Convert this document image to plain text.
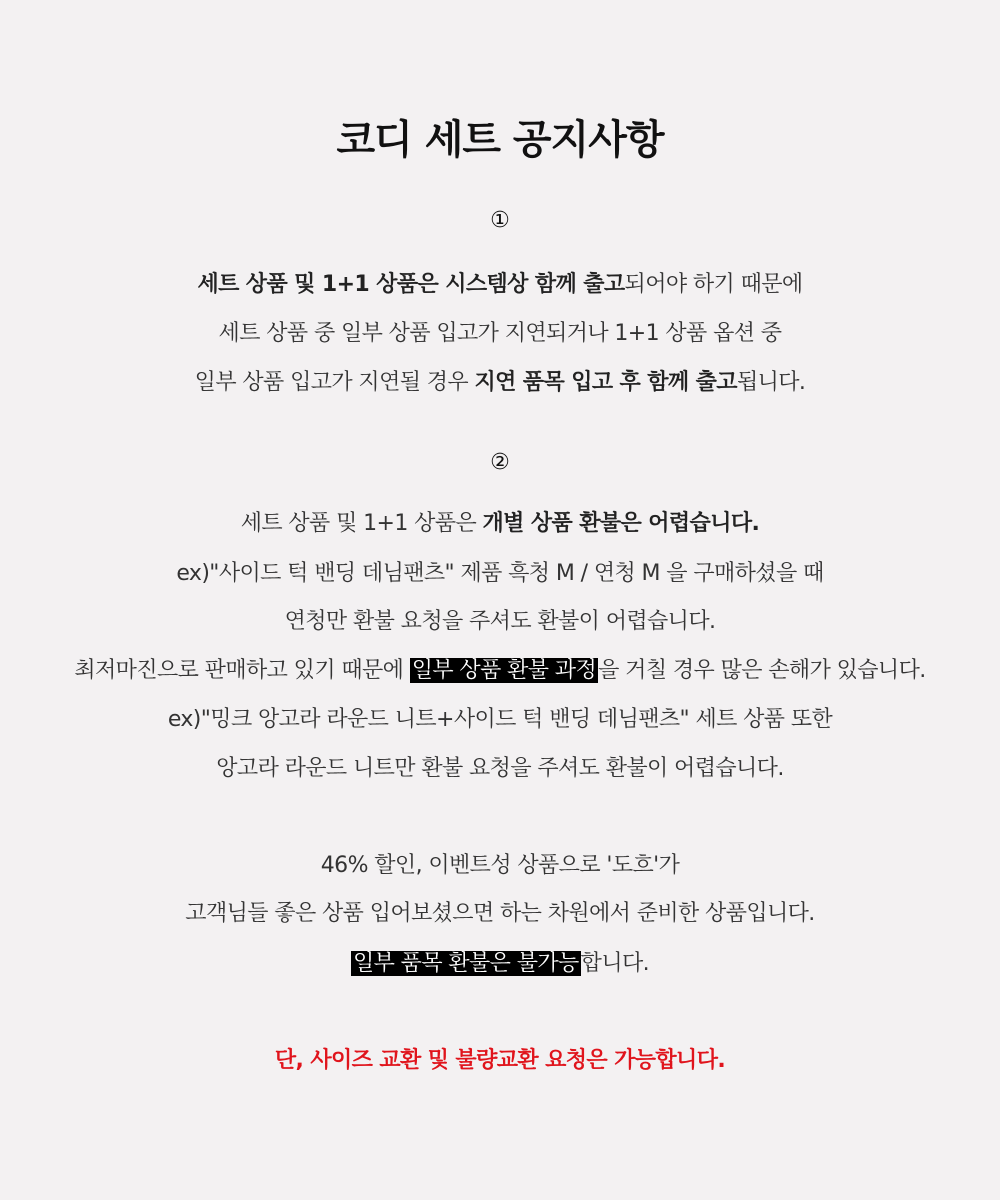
코디 세트 공지사항
①
세트 상품 및 1+1 상품은 시스템상 함께 출고되어야 하기 때문에
세트 상품 중 일부 상품 입고가 지연되거나 1+1 상품 옵션 중
일부 상품 입고가 지연될 경우 지연 품목 입고 후 함께 출고됩니다.
②
세트 상품 및 1+1 상품은 개별 상품 환불은 어렵습니다.
ex)"사이드 턱 밴딩 데님팬츠" 제품 흑청 M / 연청 M 을 구매하셨을 때
연청만 환불 요청을 주셔도 환불이 어렵습니다.
최저마진으로 판매하고 있기 때문에 일부 상품 환불 과정을 거칠 경우 많은 손해가 있습니다.
ex)"밍크 앙고라 라운드 니트+사이드 턱 밴딩 데님팬츠" 세트 상품 또한
앙고라 라운드 니트만 환불 요청을 주셔도 환불이 어렵습니다.
46% 할인, 이벤트성 상품으로 '도흐'가
고객님들 좋은 상품 입어보셨으면 하는 차원에서 준비한 상품입니다.
일부 품목 환불은 불가능합니다.
단, 사이즈 교환 및 불량교환 요청은 가능합니다.
